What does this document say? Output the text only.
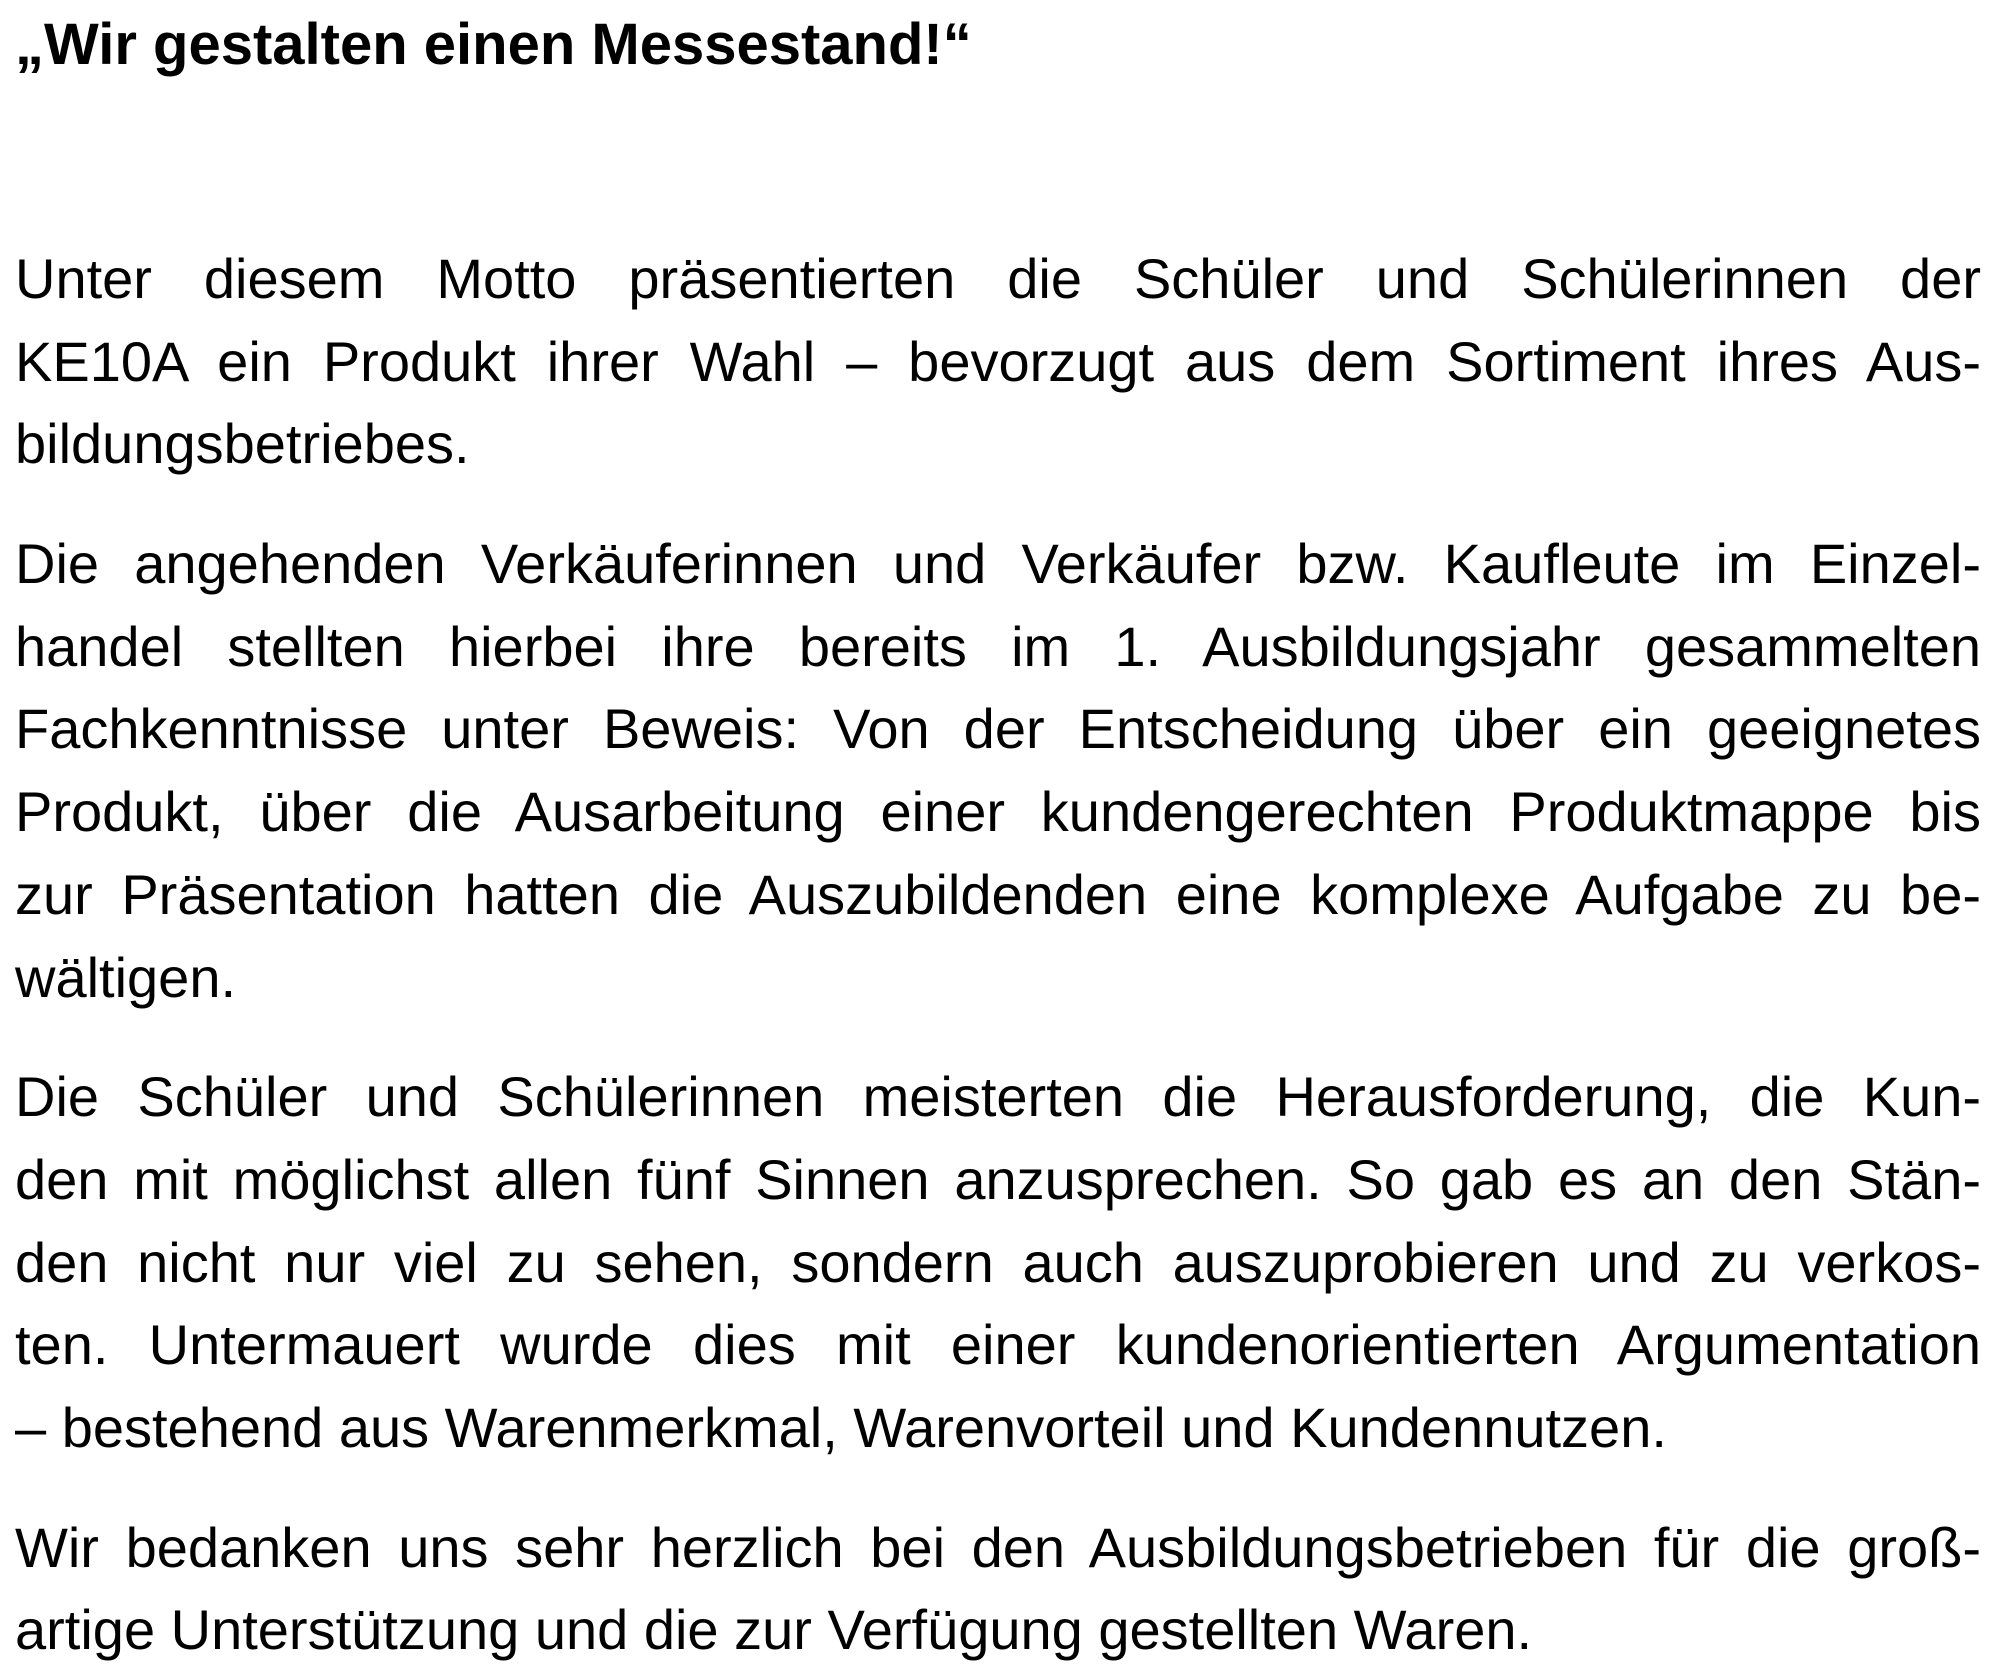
„Wir gestalten einen Messestand!“
Unter diesem Motto präsentierten die Schüler und Schülerinnen der
KE10A ein Produkt ihrer Wahl – bevorzugt aus dem Sortiment ihres Aus-
bildungsbetriebes.
Die angehenden Verkäuferinnen und Verkäufer bzw. Kaufleute im Einzel-
handel stellten hierbei ihre bereits im 1. Ausbildungsjahr gesammelten
Fachkenntnisse unter Beweis: Von der Entscheidung über ein geeignetes
Produkt, über die Ausarbeitung einer kundengerechten Produktmappe bis
zur Präsentation hatten die Auszubildenden eine komplexe Aufgabe zu be-
wältigen.
Die Schüler und Schülerinnen meisterten die Herausforderung, die Kun-
den mit möglichst allen fünf Sinnen anzusprechen. So gab es an den Stän-
den nicht nur viel zu sehen, sondern auch auszuprobieren und zu verkos-
ten. Untermauert wurde dies mit einer kundenorientierten Argumentation
– bestehend aus Warenmerkmal, Warenvorteil und Kundennutzen.
Wir bedanken uns sehr herzlich bei den Ausbildungsbetrieben für die groß-
artige Unterstützung und die zur Verfügung gestellten Waren.
